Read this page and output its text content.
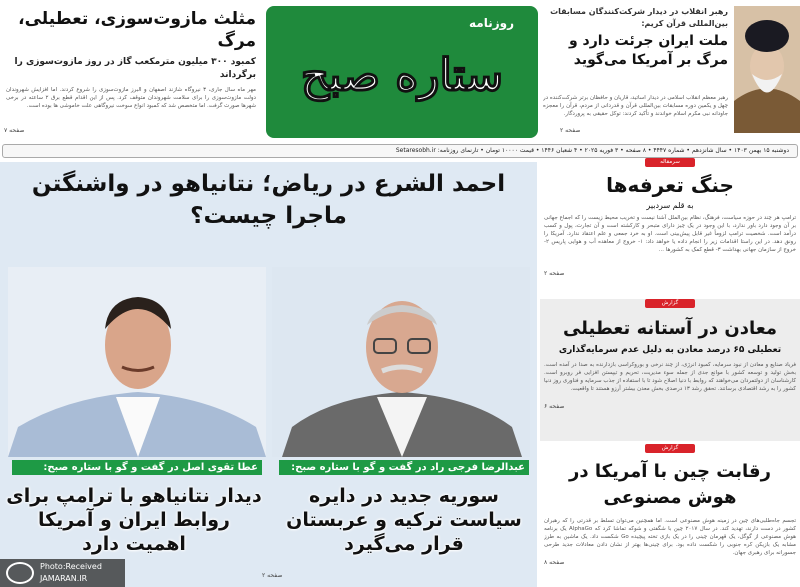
مثلث مازوت‌سوزی، تعطیلی، مرگ
کمبود ۳۰۰ میلیون مترمکعب گاز در روز مازوت‌سوزی را برگرداند
مهر ماه سال جاری، ۳ نیروگاه شازند اصفهان و البرز مازوت‌سوزی را شروع کردند. اما افزایش شهروندان دولت مازوت‌سوزی را برای سلامت شهروندان متوقف کرد. پس از این اقدام قطع برق ۲ ساعته در برخی شهرها صورت گرفت. اما متخصص شد که کمبود انواع سوخت نیروگاهی علت خاموشی ها بوده است.
صفحه ۷
روزنامه
ستاره صبح
رهبر انقلاب در دیدار شرکت‌کنندگان مسابقات بین‌المللی قرآن کریم:
ملت ایران جرئت دارد و مرگ بر آمریکا می‌گوید
رهبر معظم انقلاب اسلامی در دیدار اساتید، قاریان و حافظان برتر شرکت‌کننده در چهل و یکمین دوره مسابقات بین‌المللی قرآن و قدردانی از مردم، قرآن را معجزه جاودانه نبی مکرم اسلام خواندند و تأکید کردند: توکل حقیقی به پروردگار.
صفحه ۲
دوشنبه ۱۵ بهمن ۱۴۰۳ • سال شانزدهم • شماره ۴۴۴۷ • ۸ صفحه • ۳ فوریه ۲۰۲۵ • ۴ شعبان ۱۴۴۶ • قیمت ۱۰۰۰۰ تومان • تارنمای روزنامه: Setaresobh.ir
احمد الشرع در ریاض؛ نتانیاهو در واشنگتن
ماجرا چیست؟
عبدالرضا فرجی راد در گفت و گو با ستاره صبح:
عطا تقوی اصل در گفت و گو با ستاره صبح:
سوریه جدید در دایره سیاست ترکیه و عربستان قرار می‌گیرد
دیدار نتانیاهو با ترامپ برای روابط ایران و آمریکا اهمیت دارد
صفحه ۲
Photo:Received
JAMARAN.IR
سرمقاله
جنگ تعرفه‌ها
به قلم سردبیر
ترامپ هر چند در حوزه سیاست، فرهنگ، نظام بین‌الملل آشنا نیست و تخریب محیط زیست را که اجماع جهانی بر آن وجود دارد باور ندارد، با این وجود در یک چیز دارای متبحر و کارکشته است و آن تجارت، پول و کسب درآمد است. شخصیت ترامپ لزوماً غیر قابل پیش‌بینی است. او به خرد جمعی و علم اعتقاد ندارد. آمریکا را رونق دهد. در این راستا اقدامات زیر را انجام داده یا خواهد داد: ۱- خروج از معاهده آب و هوایی پاریس ۲- خروج از سازمان جهانی بهداشت ۳- قطع کمک به کشورها ...
صفحه ۲
گزارش
معادن در آستانه تعطیلی
تعطیلی ۶۵ درصد معادن به دلیل عدم سرمایه‌گذاری
فریاد صنایع و معادن از نبود سرمایه، کمبود انرژی، از چند نرخی و بوروکراسی بازدارنده به صدا در آمده است. بخش تولید و توسعه کشور با موانع جدی از جمله سوء مدیریت، تحریم و تیپستن افزایی فر روبرو است. کارشناسان از دولتمردان می‌خواهند که روابط با دنیا اصلاح شود تا با استفاده از جذب سرمایه و فناوری روز دنیا کشور را به رشد اقتصادی برسانند. تحقق رشد ۱۳ درصدی بخش معدن بیشتر آرزو هستند تا واقعیت.
صفحه ۶
گزارش
رقابت چین با آمریکا در هوش مصنوعی
تجسم جاه‌طلبی‌های چین در زمینه هوش مصنوعی است. اما همچنین می‌توان تسلط بر قدرتی را که رهبران کشور در دست دارند، تهدید کند. در سال ۲۰۱۷ چین با شگفتی و شوکه تماشا کرد که AlphaGo یک برنامه هوش مصنوعی از گوگل، یک قهرمان چینی را در یک بازی تخته پیچیده Go شکست داد. یک ماشین به طرز مشابه یک بازیکن کره جنوبی را شکست داده بود. برای چینی‌ها بهتر از نشان دادن معادلات جدید طرحی جسورانه برای رهبری جهان.
صفحه ۸
